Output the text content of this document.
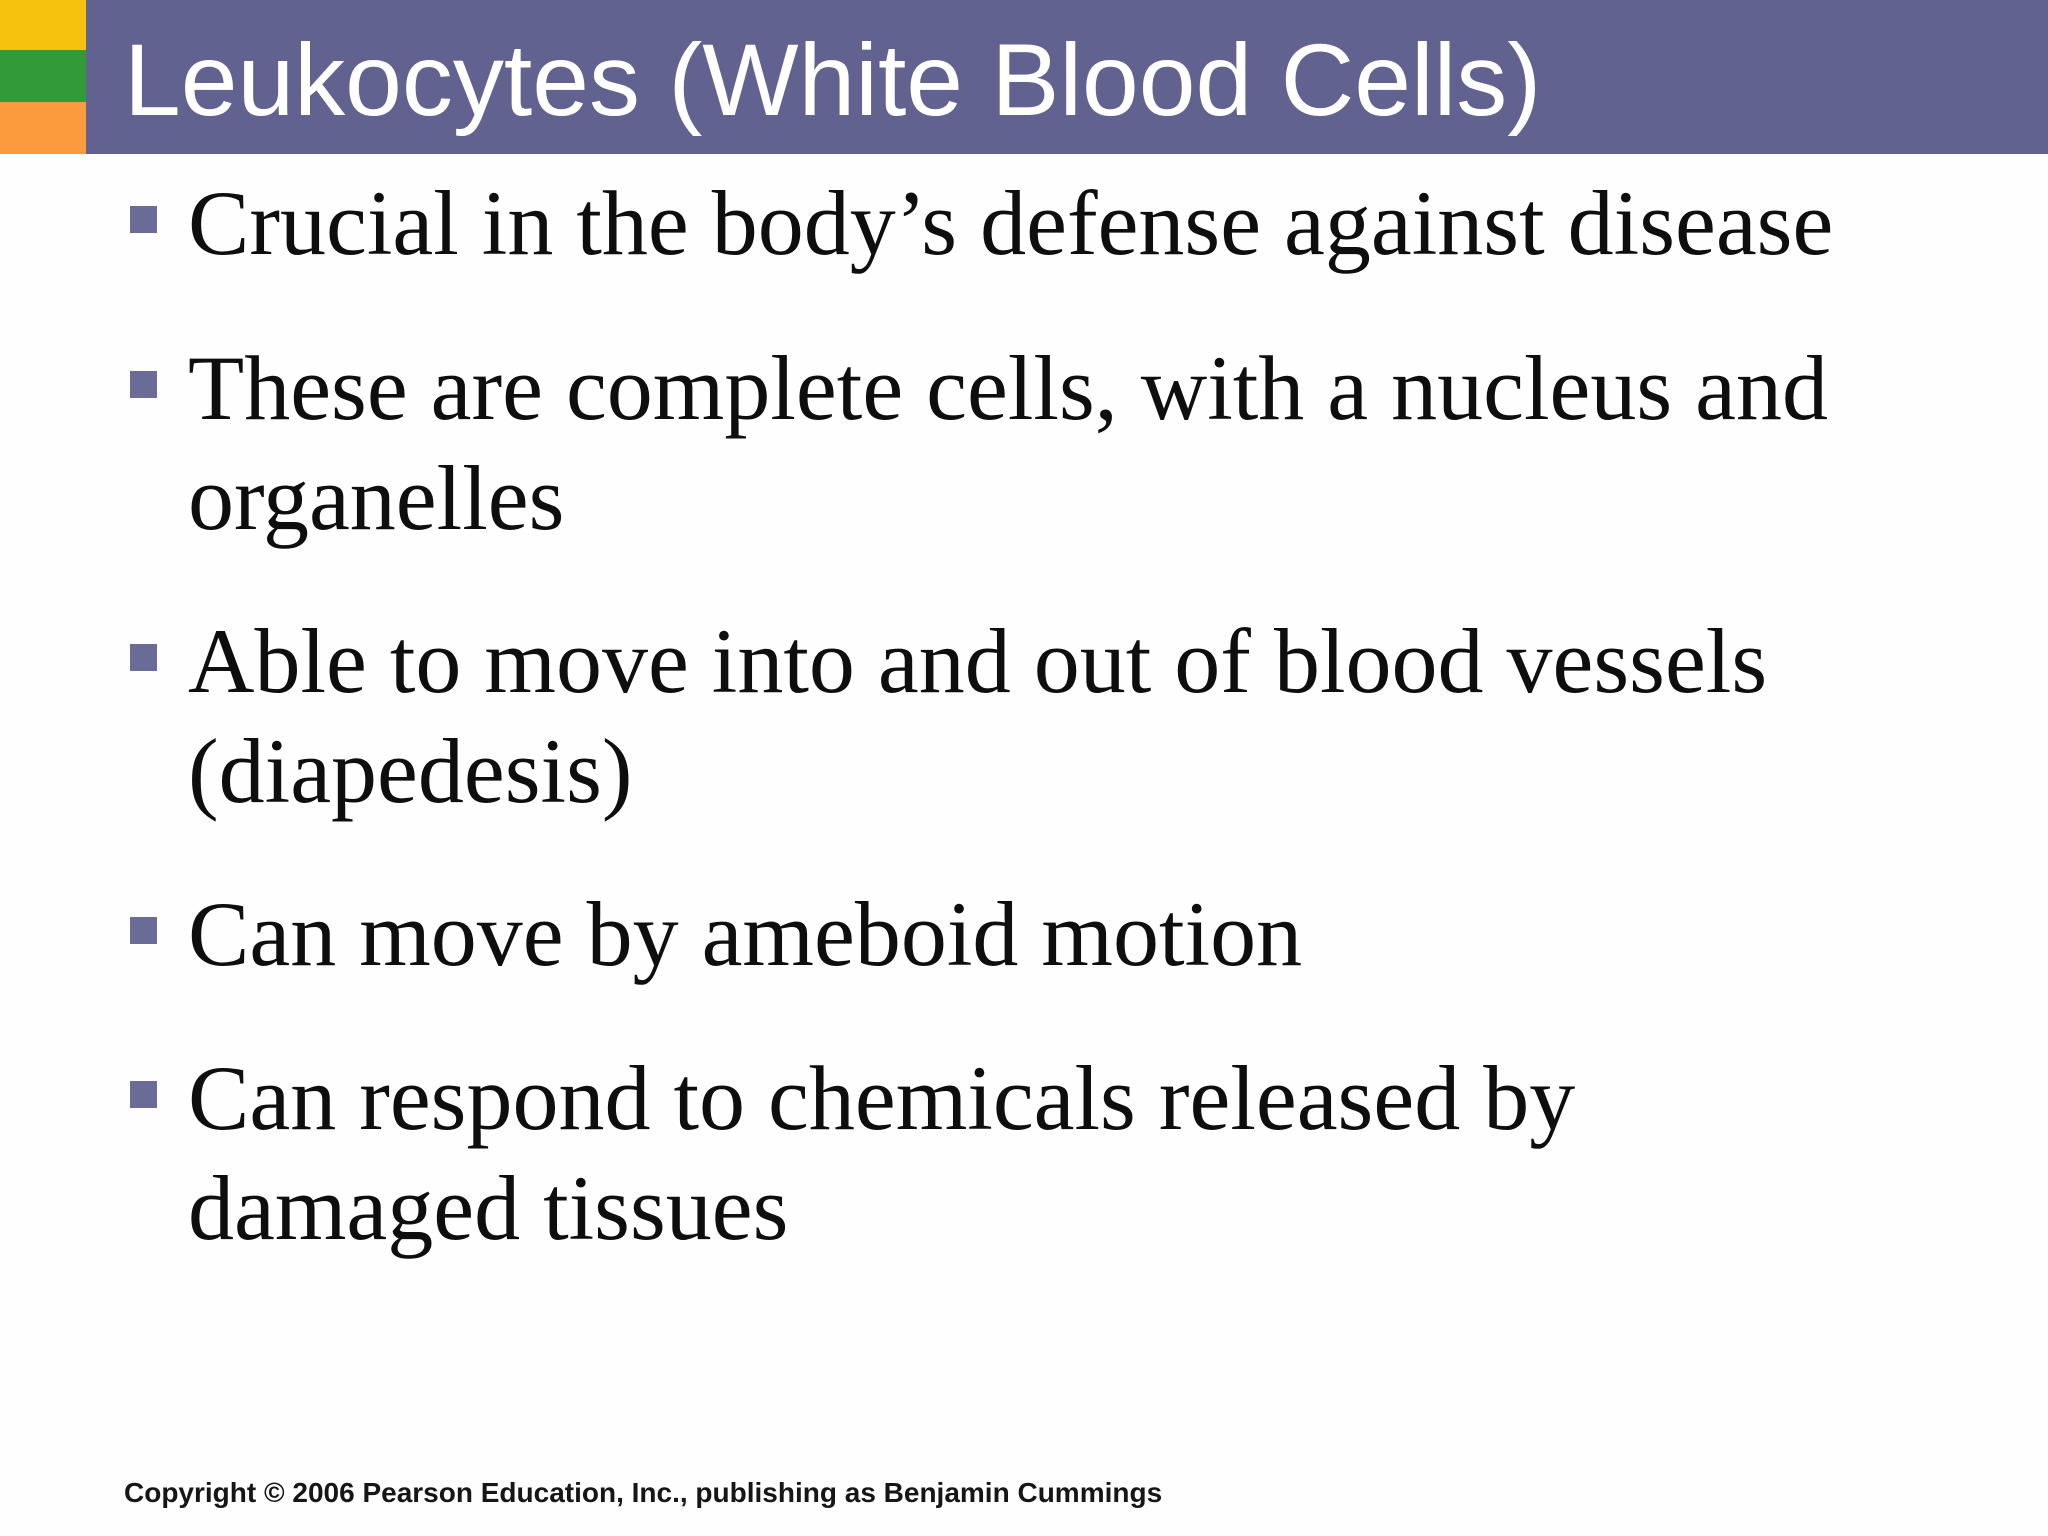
Leukocytes (White Blood Cells)
Crucial in the body’s defense against disease
These are complete cells, with a nucleus and organelles
Able to move into and out of blood vessels (diapedesis)
Can move by ameboid motion
Can respond to chemicals released by damaged tissues
Copyright © 2006 Pearson Education, Inc., publishing as Benjamin Cummings
